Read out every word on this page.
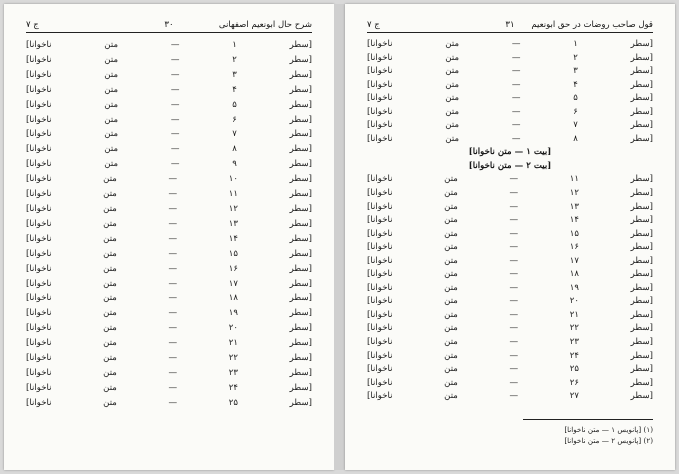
ج ۷	۳۰	شرح حال ابونعیم اصفهانی
[سطر ۱ — متن ناخوانا]
[سطر ۲ — متن ناخوانا]
[سطر ۳ — متن ناخوانا]
[سطر ۴ — متن ناخوانا]
[سطر ۵ — متن ناخوانا]
[سطر ۶ — متن ناخوانا]
[سطر ۷ — متن ناخوانا]
[سطر ۸ — متن ناخوانا]
[سطر ۹ — متن ناخوانا]
[سطر ۱۰ — متن ناخوانا]
[سطر ۱۱ — متن ناخوانا]
[سطر ۱۲ — متن ناخوانا]
[سطر ۱۳ — متن ناخوانا]
[سطر ۱۴ — متن ناخوانا]
[سطر ۱۵ — متن ناخوانا]
[سطر ۱۶ — متن ناخوانا]
[سطر ۱۷ — متن ناخوانا]
[سطر ۱۸ — متن ناخوانا]
[سطر ۱۹ — متن ناخوانا]
[سطر ۲۰ — متن ناخوانا]
[سطر ۲۱ — متن ناخوانا]
[سطر ۲۲ — متن ناخوانا]
[سطر ۲۳ — متن ناخوانا]
[سطر ۲۴ — متن ناخوانا]
[سطر ۲۵ — متن ناخوانا]
ج ۷	۳۱ قول صاحب روضات در حق ابونعیم
[سطر ۱ — متن ناخوانا]
[سطر ۲ — متن ناخوانا]
[سطر ۳ — متن ناخوانا]
[سطر ۴ — متن ناخوانا]
[سطر ۵ — متن ناخوانا]
[سطر ۶ — متن ناخوانا]
[سطر ۷ — متن ناخوانا]
[سطر ۸ — متن ناخوانا]
[بیت ۱ — متن ناخوانا]
[بیت ۲ — متن ناخوانا]
[سطر ۱۱ — متن ناخوانا]
[سطر ۱۲ — متن ناخوانا]
[سطر ۱۳ — متن ناخوانا]
[سطر ۱۴ — متن ناخوانا]
[سطر ۱۵ — متن ناخوانا]
[سطر ۱۶ — متن ناخوانا]
[سطر ۱۷ — متن ناخوانا]
[سطر ۱۸ — متن ناخوانا]
[سطر ۱۹ — متن ناخوانا]
[سطر ۲۰ — متن ناخوانا]
[سطر ۲۱ — متن ناخوانا]
[سطر ۲۲ — متن ناخوانا]
[سطر ۲۳ — متن ناخوانا]
[سطر ۲۴ — متن ناخوانا]
[سطر ۲۵ — متن ناخوانا]
[سطر ۲۶ — متن ناخوانا]
[سطر ۲۷ — متن ناخوانا]
(۱) [پانویس ۱ — متن ناخوانا]
(۲) [پانویس ۲ — متن ناخوانا]
